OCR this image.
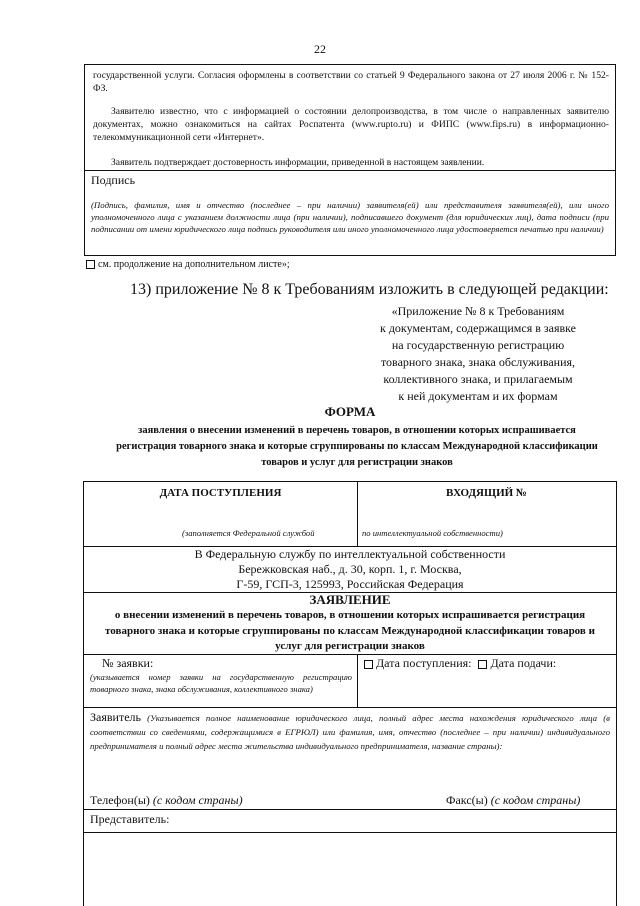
22

государственной услуги. Согласия оформлены в соответствии со статьей 9 Федерального закона от 27 июля 2006 г. № 152-ФЗ.

Заявителю известно, что с информацией о состоянии делопроизводства, в том числе о направленных заявителю документах, можно ознакомиться на сайтах Роспатента (www.rupto.ru) и ФИПС (www.fips.ru) в информационно-телекоммуникационной сети «Интернет».

Заявитель подтверждает достоверность информации, приведенной в настоящем заявлении.

Подпись
(Подпись, фамилия, имя и отчество (последнее – при наличии) заявителя(ей) или представителя заявителя(ей), или иного уполномоченного лица с указанием должности лица (при наличии), подписавшего документ (для юридических лиц), дата подписи (при подписании от имени юридического лица подпись руководителя или иного уполномоченного лица удостоверяется печатью при наличии)
см. продолжение на дополнительном листе»;
13) приложение № 8 к Требованиям изложить в следующей редакции:
«Приложение № 8 к Требованиям
к документам, содержащимся в заявке
на государственную регистрацию
товарного знака, знака обслуживания,
коллективного знака, и прилагаемым
к ней документам и их формам
ФОРМА
заявления о внесении изменений в перечень товаров, в отношении которых испрашивается регистрация товарного знака и которые сгруппированы по классам Международной классификации товаров и услуг для регистрации знаков
ДАТА ПОСТУПЛЕНИЯ	ВХОДЯЩИЙ №
(заполняется Федеральной службой	по интеллектуальной собственности)
В Федеральную службу по интеллектуальной собственности
Бережковская наб., д. 30, корп. 1, г. Москва,
Г-59, ГСП-3, 125993, Российская Федерация
ЗАЯВЛЕНИЕ
о внесении изменений в перечень товаров, в отношении которых испрашивается регистрация товарного знака и которые сгруппированы по классам Международной классификации товаров и услуг для регистрации знаков
№ заявки:
(указывается номер заявки на государственную регистрацию товарного знака, знака обслуживания, коллективного знака)
Дата поступления: Дата подачи:
Заявитель (Указывается полное наименование юридического лица, полный адрес места нахождения юридического лица (в соответствии со сведениями, содержащимися в ЕГРЮЛ) или фамилия, имя, отчество (последнее – при наличии) индивидуального предпринимателя и полный адрес места жительства индивидуального предпринимателя, название страны):
Телефон(ы) (с кодом страны)	Факс(ы) (с кодом страны)
Представитель:
